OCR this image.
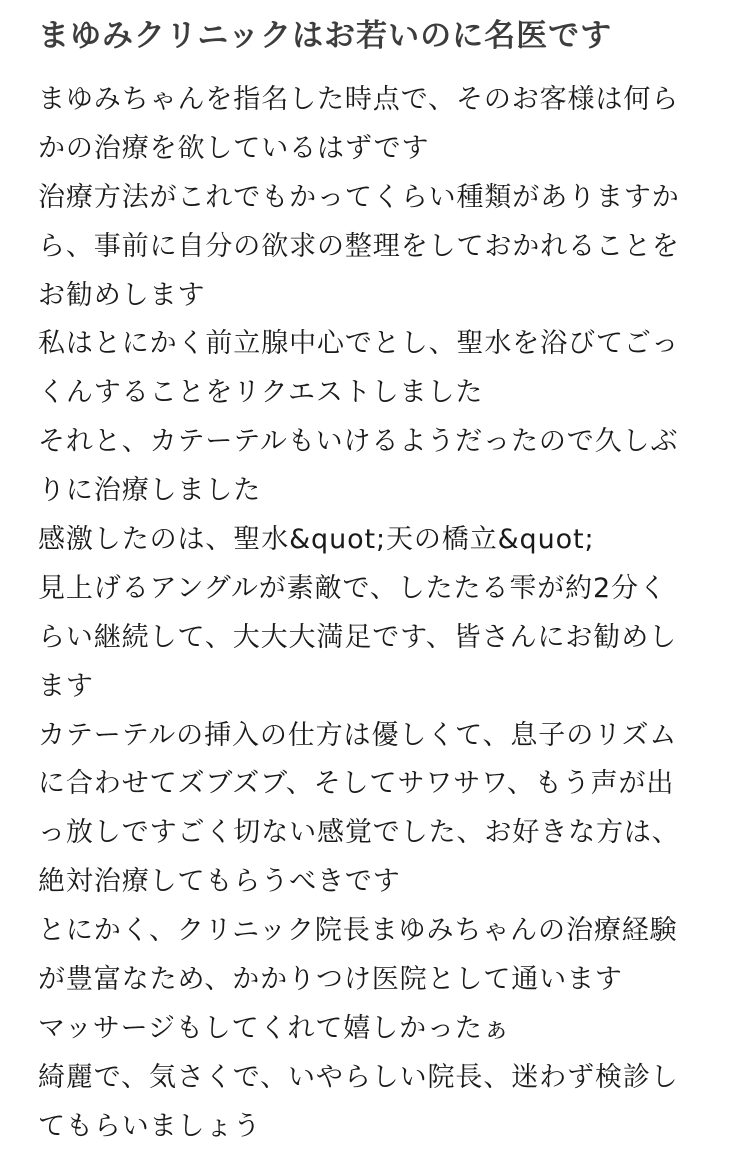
まゆみクリニックはお若いのに名医です
まゆみちゃんを指名した時点で、そのお客様は何ら
かの治療を欲しているはずです
治療方法がこれでもかってくらい種類がありますか
ら、事前に自分の欲求の整理をしておかれることを
お勧めします
私はとにかく前立腺中心でとし、聖水を浴びてごっ
くんすることをリクエストしました
それと、カテーテルもいけるようだったので久しぶ
りに治療しました
感激したのは、聖水&quot;天の橋立&quot;
見上げるアングルが素敵で、したたる雫が約2分く
らい継続して、大大大満足です、皆さんにお勧めし
ます
カテーテルの挿入の仕方は優しくて、息子のリズム
に合わせてズブズブ、そしてサワサワ、もう声が出
っ放しですごく切ない感覚でした、お好きな方は、
絶対治療してもらうべきです
とにかく、クリニック院長まゆみちゃんの治療経験
が豊富なため、かかりつけ医院として通います
マッサージもしてくれて嬉しかったぁ
綺麗で、気さくで、いやらしい院長、迷わず検診し
てもらいましょう
